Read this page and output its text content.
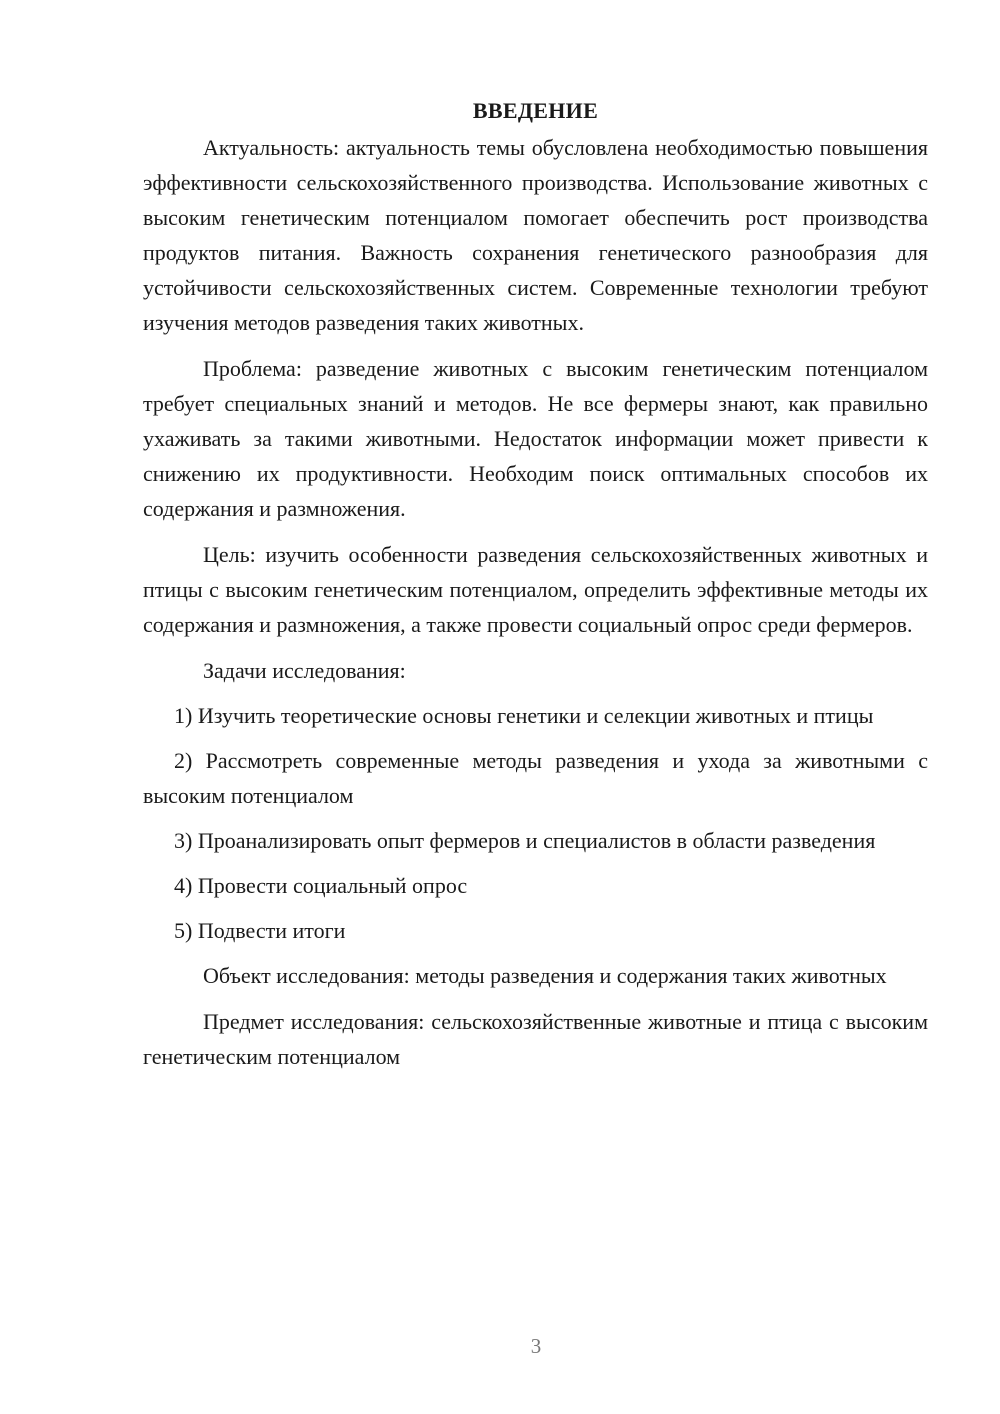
ВВЕДЕНИЕ

Актуальность: актуальность темы обусловлена необходимостью повышения эффективности сельскохозяйственного производства. Использование животных с высоким генетическим потенциалом помогает обеспечить рост производства продуктов питания. Важность сохранения генетического разнообразия для устойчивости сельскохозяйственных систем. Современные технологии требуют изучения методов разведения таких животных.

Проблема: разведение животных с высоким генетическим потенциалом требует специальных знаний и методов. Не все фермеры знают, как правильно ухаживать за такими животными. Недостаток информации может привести к снижению их продуктивности. Необходим поиск оптимальных способов их содержания и размножения.

Цель: изучить особенности разведения сельскохозяйственных животных и птицы с высоким генетическим потенциалом, определить эффективные методы их содержания и размножения, а также провести социальный опрос среди фермеров.

Задачи исследования:

1) Изучить теоретические основы генетики и селекции животных и птицы

2) Рассмотреть современные методы разведения и ухода за животными с высоким потенциалом

3) Проанализировать опыт фермеров и специалистов в области разведения

4) Провести социальный опрос

5) Подвести итоги

Объект исследования: методы разведения и содержания таких животных

Предмет исследования: сельскохозяйственные животные и птица с высоким генетическим потенциалом

3
